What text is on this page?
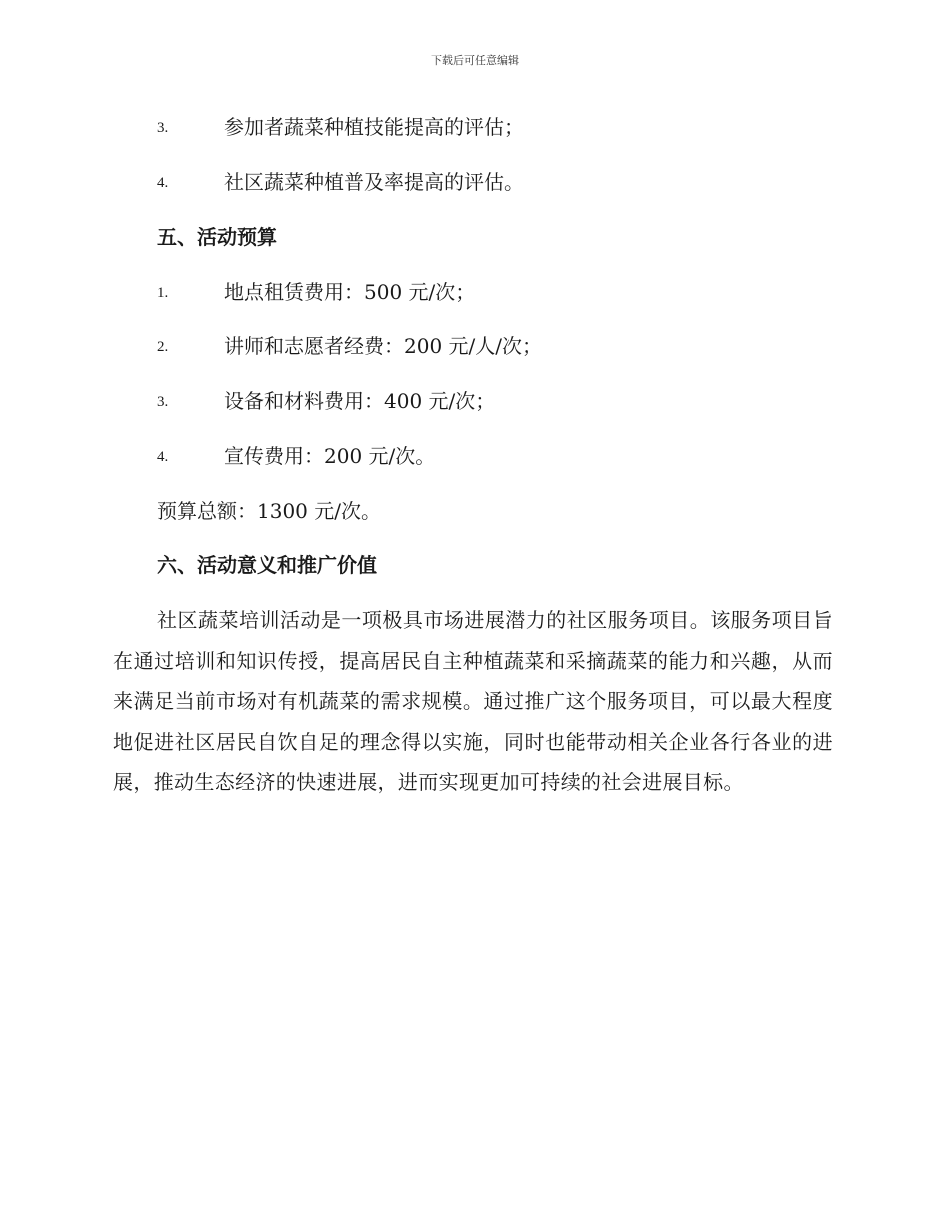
下载后可任意编辑
3.	参加者蔬菜种植技能提高的评估；
4.	社区蔬菜种植普及率提高的评估。
五、活动预算
1.	地点租赁费用：500 元/次；
2.	讲师和志愿者经费：200 元/人/次；
3.	设备和材料费用：400 元/次；
4.	宣传费用：200 元/次。
预算总额：1300 元/次。
六、活动意义和推广价值
社区蔬菜培训活动是一项极具市场进展潜力的社区服务项目。该服务项目旨在通过培训和知识传授，提高居民自主种植蔬菜和采摘蔬菜的能力和兴趣，从而来满足当前市场对有机蔬菜的需求规模。通过推广这个服务项目，可以最大程度地促进社区居民自饮自足的理念得以实施，同时也能带动相关企业各行各业的进展，推动生态经济的快速进展，进而实现更加可持续的社会进展目标。
